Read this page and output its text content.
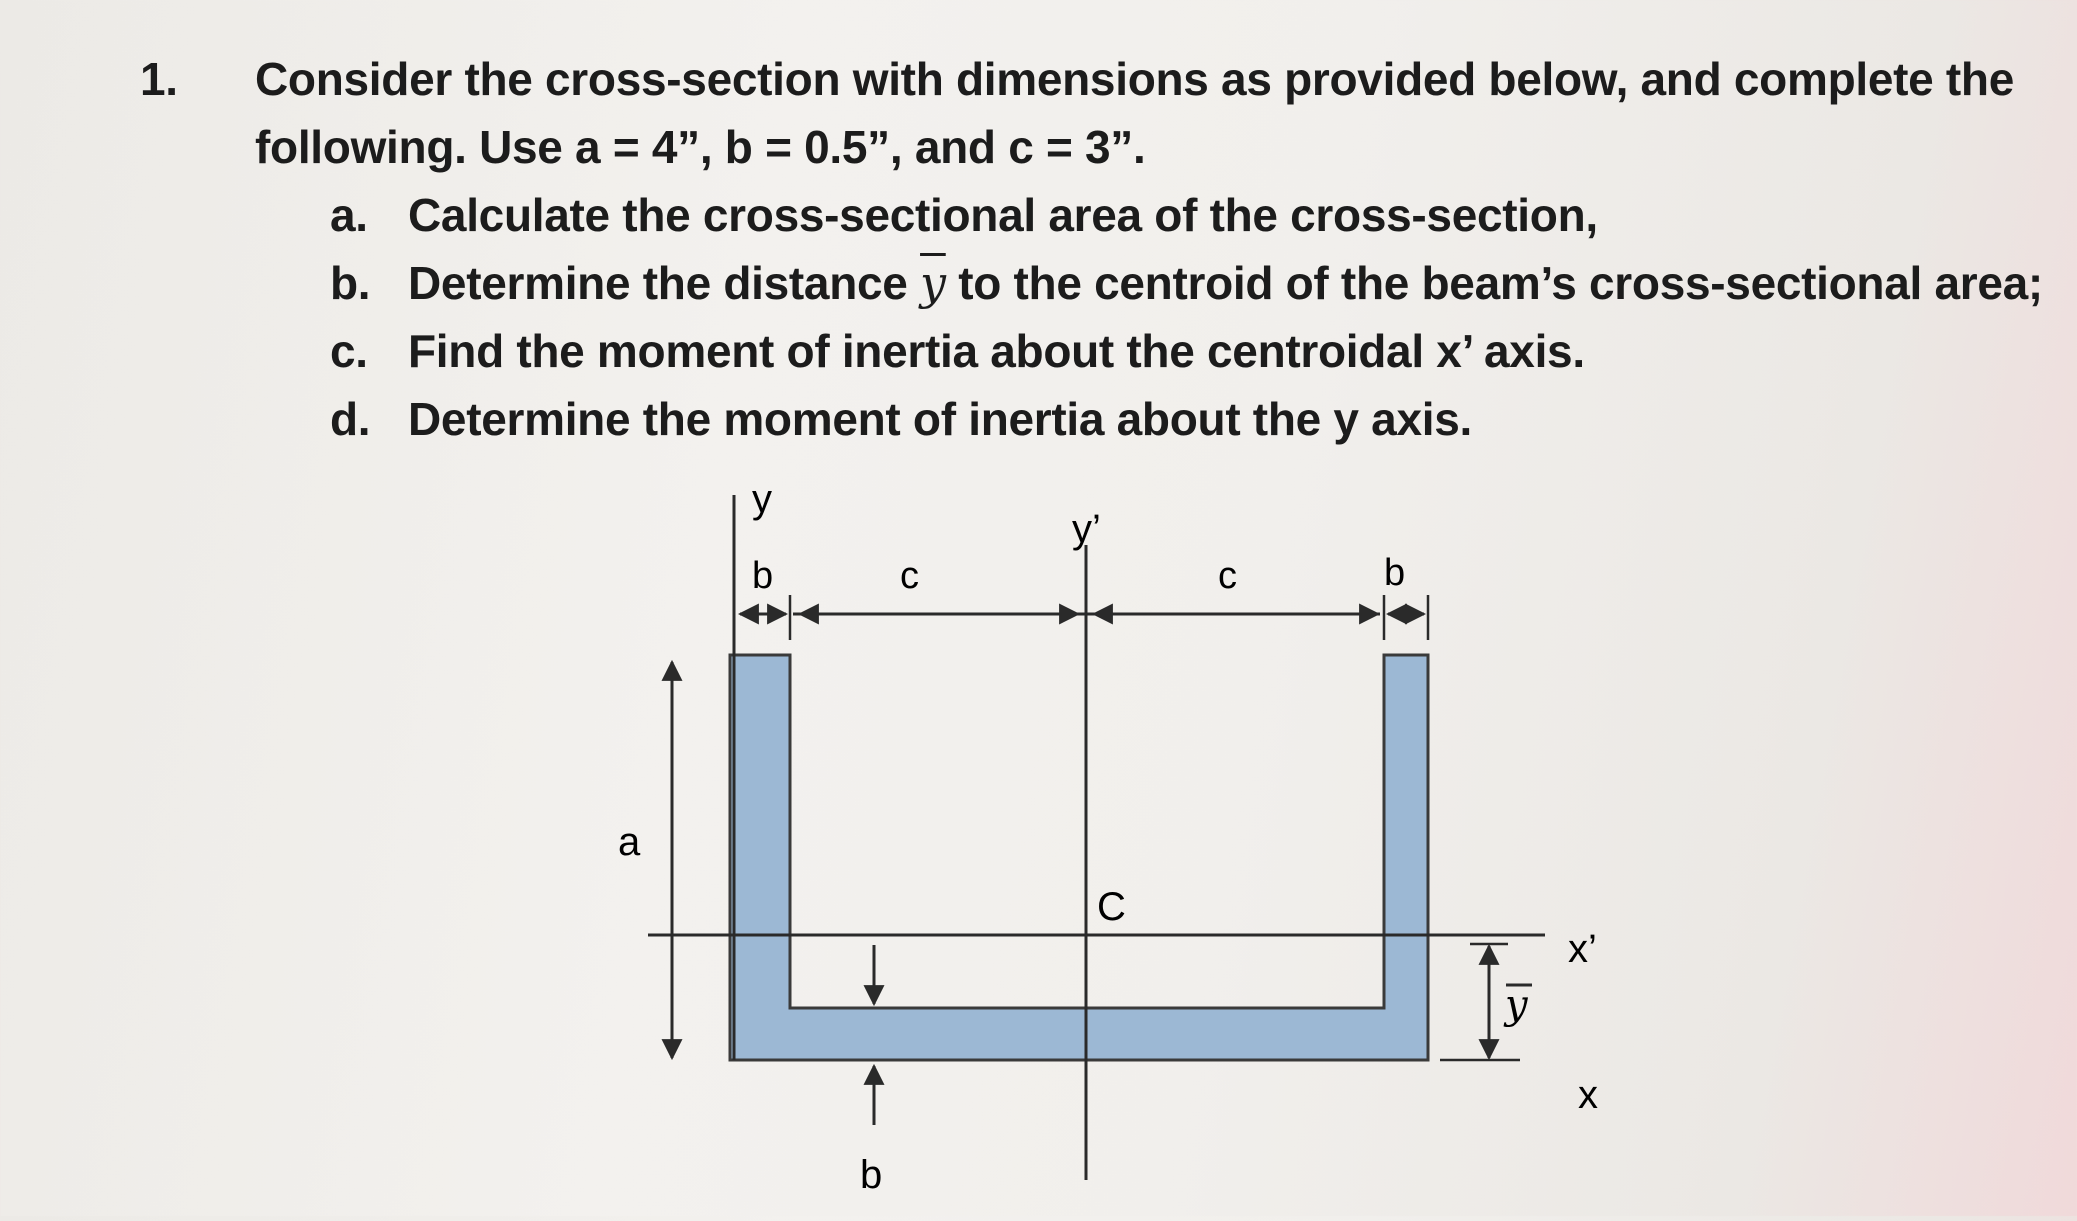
1. Consider the cross-section with dimensions as provided below, and complete the
following. Use a = 4”, b = 0.5”, and c = 3”.
a. Calculate the cross-sectional area of the cross-section,
b. Determine the distance $\overline{y}$ to the centroid of the beam’s cross-sectional area;
c. Find the moment of inertia about the centroidal x’ axis.
d. Determine the moment of inertia about the y axis.
y
y’
x’
x
C
b	c	c	b
a
b
y
